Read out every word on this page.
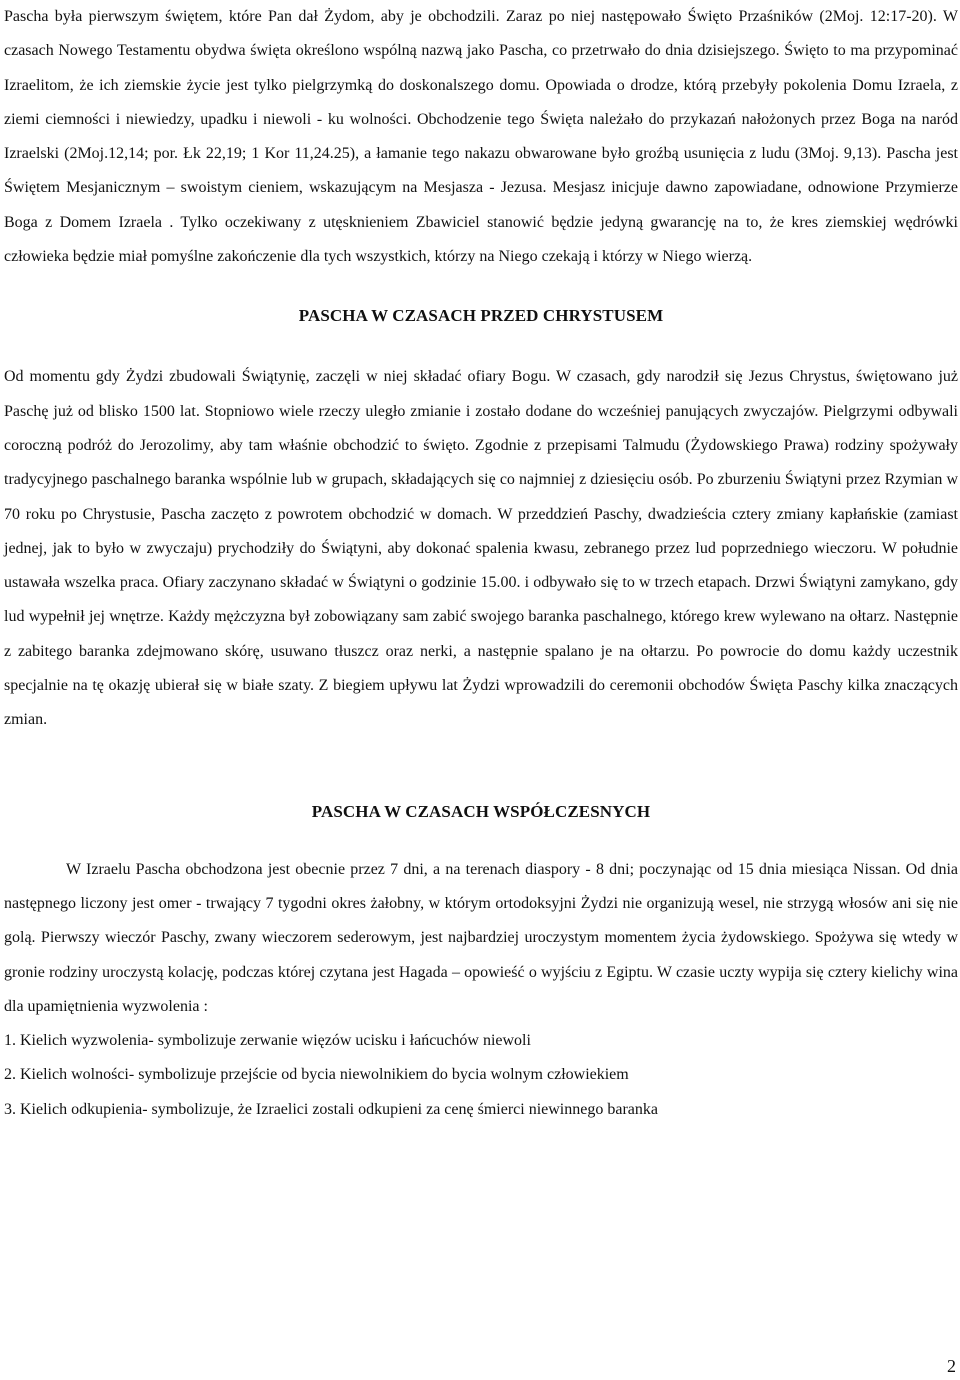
Pascha była pierwszym świętem, które Pan dał Żydom, aby je obchodzili. Zaraz po niej następowało Święto Przaśników (2Moj. 12:17-20). W czasach Nowego Testamentu obydwa święta określono wspólną nazwą jako Pascha, co przetrwało do dnia dzisiejszego. Święto to ma przypominać Izraelitom, że ich ziemskie życie jest tylko pielgrzymką do doskonalszego domu. Opowiada o drodze, którą przebyły pokolenia Domu Izraela, z ziemi ciemności i niewiedzy, upadku i niewoli - ku wolności. Obchodzenie tego Święta należało do przykazań nałożonych przez Boga na naród Izraelski (2Moj.12,14; por. Łk 22,19; 1 Kor 11,24.25), a łamanie tego nakazu obwarowane było groźbą usunięcia z ludu (3Moj. 9,13). Pascha jest Świętem Mesjanicznym – swoistym cieniem, wskazującym na Mesjasza - Jezusa. Mesjasz inicjuje dawno zapowiadane, odnowione Przymierze Boga z Domem Izraela . Tylko oczekiwany z utęsknieniem Zbawiciel stanowić będzie jedyną gwarancję na to, że kres ziemskiej wędrówki człowieka będzie miał pomyślne zakończenie dla tych wszystkich, którzy na Niego czekają i którzy w Niego wierzą.

PASCHA W CZASACH PRZED CHRYSTUSEM

Od momentu gdy Żydzi zbudowali Świątynię, zaczęli w niej składać ofiary Bogu. W czasach, gdy narodził się Jezus Chrystus, świętowano już Paschę już od blisko 1500 lat. Stopniowo wiele rzeczy uległo zmianie i zostało dodane do wcześniej panujących zwyczajów. Pielgrzymi odbywali coroczną podróż do Jerozolimy, aby tam właśnie obchodzić to święto. Zgodnie z przepisami Talmudu (Żydowskiego Prawa) rodziny spożywały tradycyjnego paschalnego baranka wspólnie lub w grupach, składających się co najmniej z dziesięciu osób. Po zburzeniu Świątyni przez Rzymian w 70 roku po Chrystusie, Pascha zaczęto z powrotem obchodzić w domach. W przeddzień Paschy, dwadzieścia cztery zmiany kapłańskie (zamiast jednej, jak to było w zwyczaju) prychodziły do Świątyni, aby dokonać spalenia kwasu, zebranego przez lud poprzedniego wieczoru. W południe ustawała wszelka praca. Ofiary zaczynano składać w Świątyni o godzinie 15.00. i odbywało się to w trzech etapach. Drzwi Świątyni zamykano, gdy lud wypełnił jej wnętrze. Każdy mężczyzna był zobowiązany sam zabić swojego baranka paschalnego, którego krew wylewano na ołtarz. Następnie z zabitego baranka zdejmowano skórę, usuwano tłuszcz oraz nerki, a następnie spalano je na ołtarzu. Po powrocie do domu każdy uczestnik specjalnie na tę okazję ubierał się w białe szaty. Z biegiem upływu lat Żydzi wprowadzili do ceremonii obchodów Święta Paschy kilka znaczących zmian.

PASCHA W CZASACH WSPÓŁCZESNYCH

W Izraelu Pascha obchodzona jest obecnie przez 7 dni, a na terenach diaspory - 8 dni; poczynając od 15 dnia miesiąca Nissan. Od dnia następnego liczony jest omer - trwający 7 tygodni okres żałobny, w którym ortodoksyjni Żydzi nie organizują wesel, nie strzygą włosów ani się nie golą. Pierwszy wieczór Paschy, zwany wieczorem sederowym, jest najbardziej uroczystym momentem życia żydowskiego. Spożywa się wtedy w gronie rodziny uroczystą kolację, podczas której czytana jest Hagada – opowieść o wyjściu z Egiptu. W czasie uczty wypija się cztery kielichy wina dla upamiętnienia wyzwolenia :

1. Kielich wyzwolenia- symbolizuje zerwanie więzów ucisku i łańcuchów niewoli
2. Kielich wolności- symbolizuje przejście od bycia niewolnikiem do bycia wolnym człowiekiem
3. Kielich odkupienia- symbolizuje, że Izraelici zostali odkupieni za cenę śmierci niewinnego baranka
2
